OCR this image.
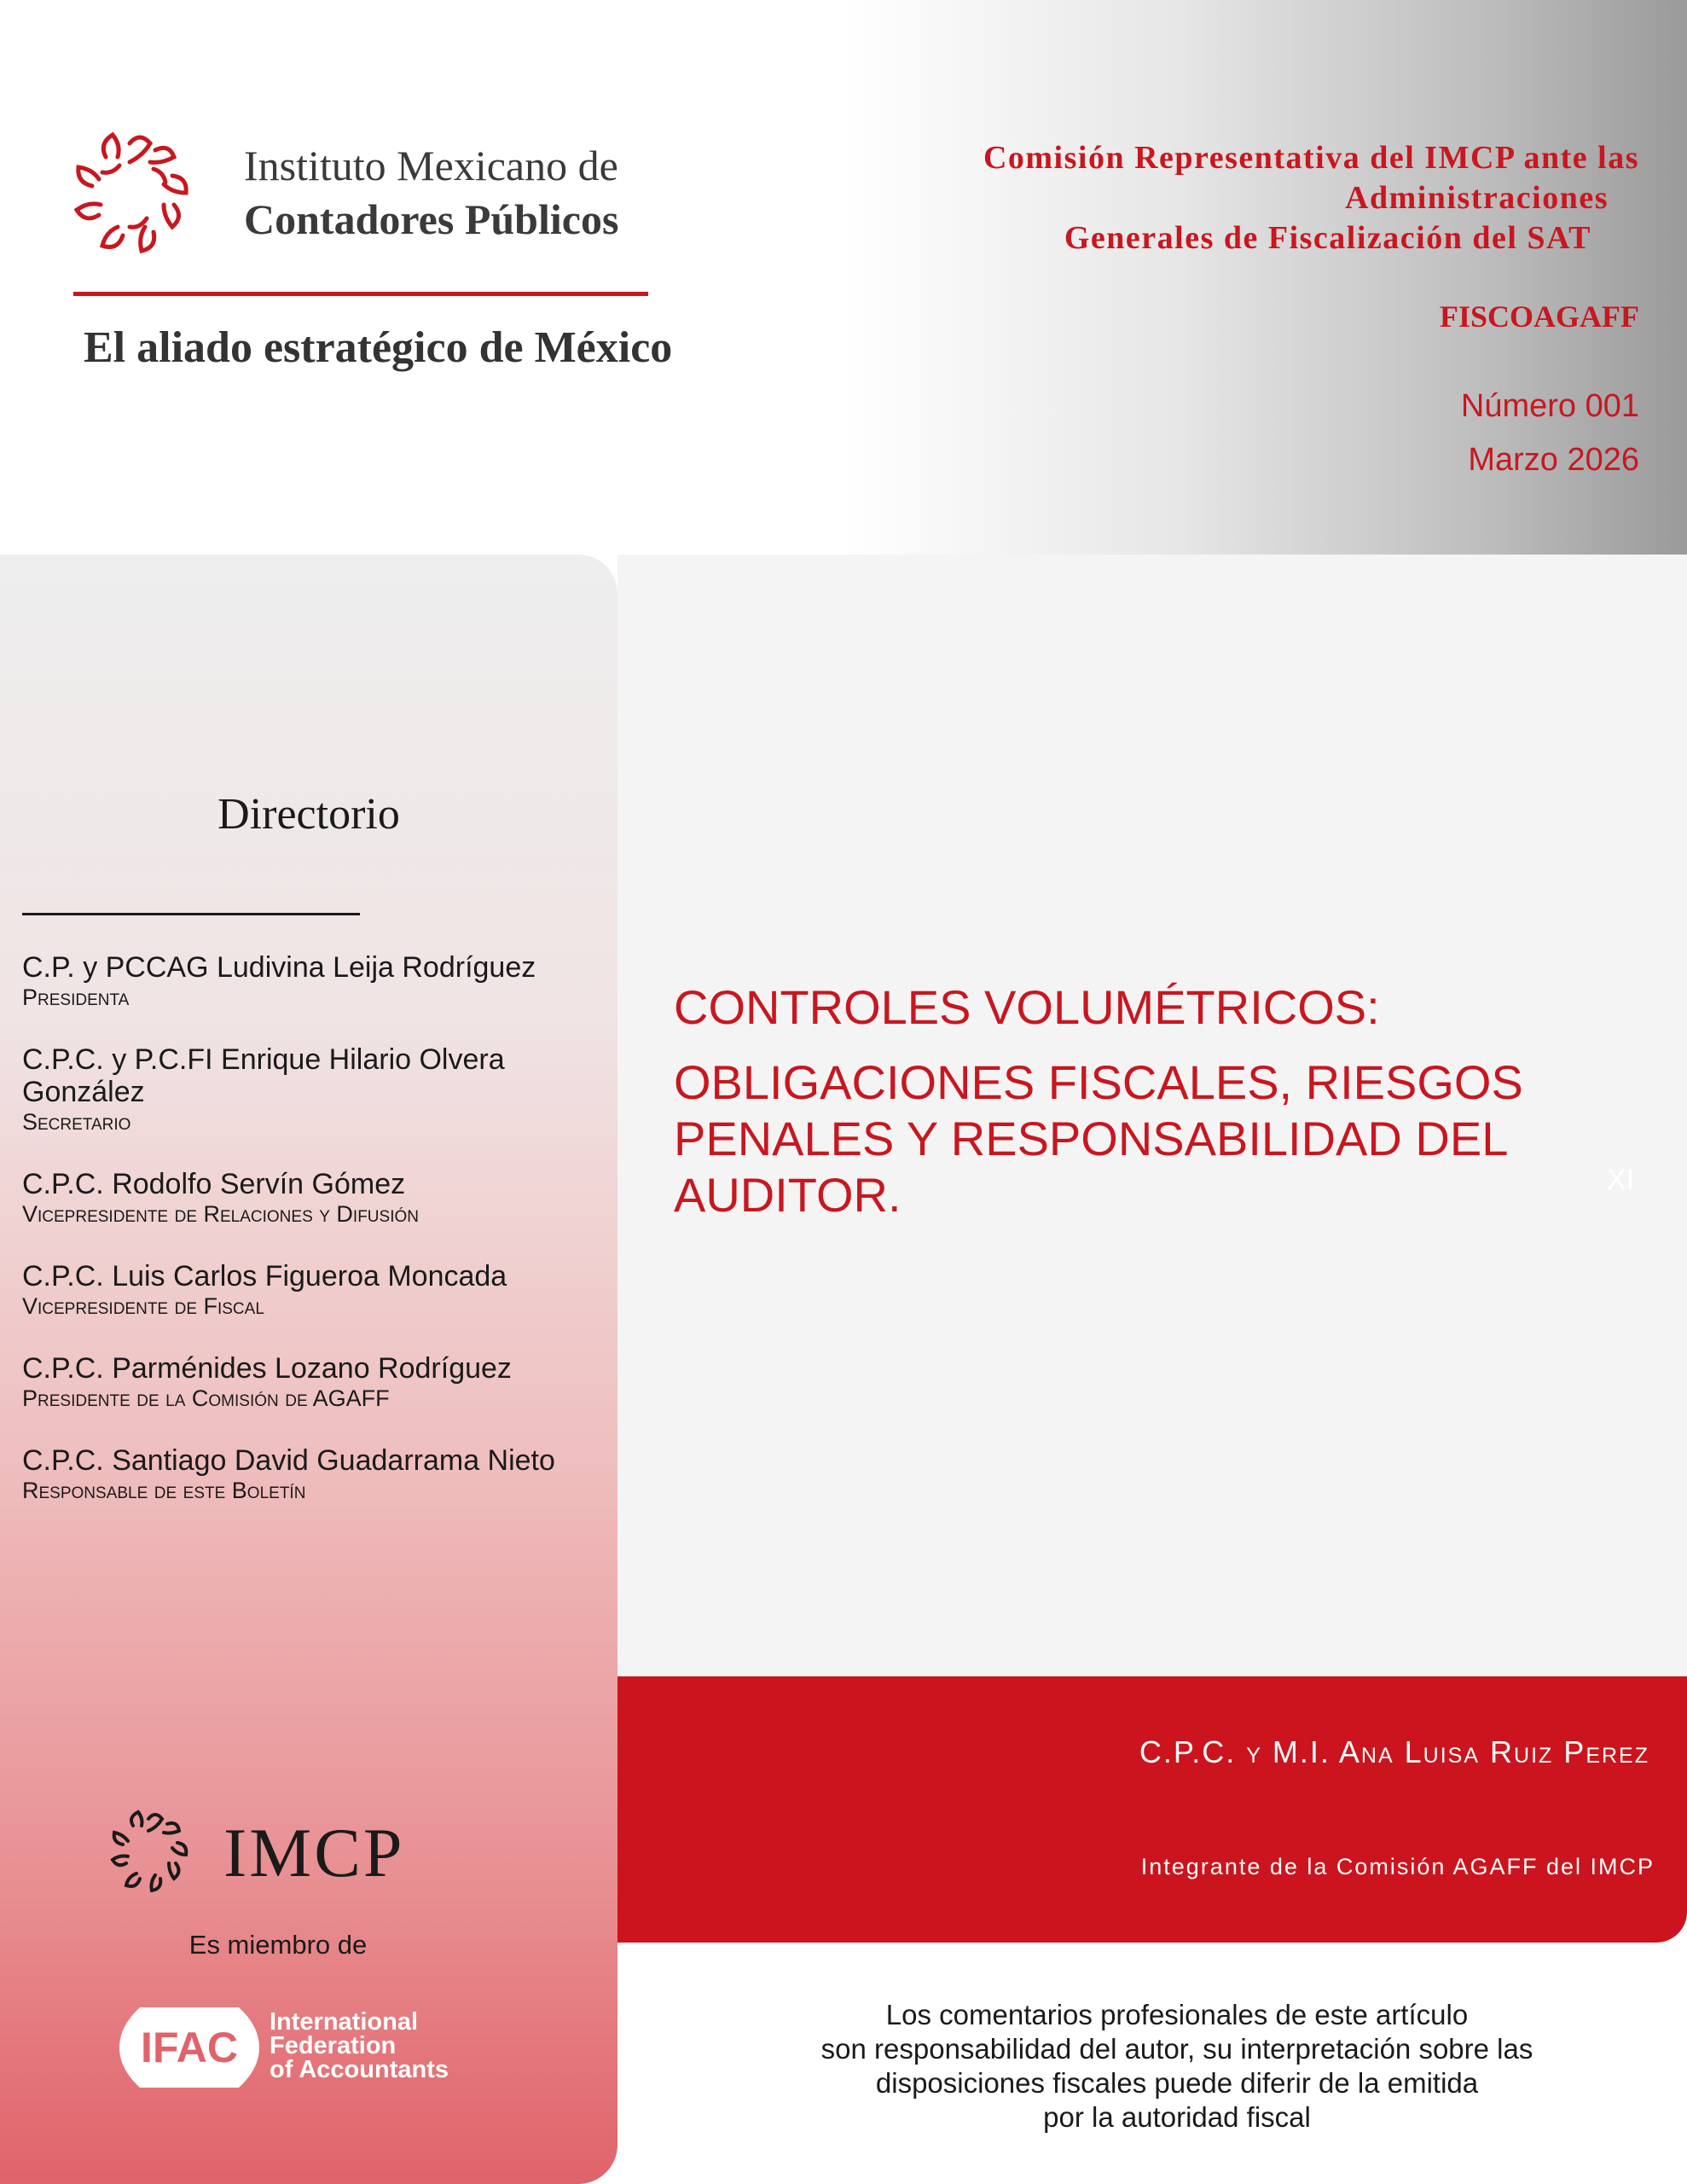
Instituto Mexicano de
Contadores Públicos
El aliado estratégico de México
Comisión Representativa del IMCP ante las
Administraciones
Generales de Fiscalización del SAT
FISCOAGAFF
Número 001
Marzo 2026
Directorio
C.P. y PCCAG Ludivina Leija Rodríguez
Presidenta
C.P.C. y P.C.FI Enrique Hilario Olvera González
Secretario
C.P.C. Rodolfo Servín Gómez
Vicepresidente de Relaciones y Difusión
C.P.C. Luis Carlos Figueroa Moncada
Vicepresidente de Fiscal
C.P.C. Parménides Lozano Rodríguez
Presidente de la Comisión de AGAFF
C.P.C. Santiago David Guadarrama Nieto
Responsable de este Boletín
IMCP
Es miembro de
IFAC
International
Federation
of Accountants
CONTROLES VOLUMÉTRICOS:
OBLIGACIONES FISCALES, RIESGOS PENALES Y RESPONSABILIDAD DEL AUDITOR.	XI
C.P.C. y M.I. Ana Luisa Ruiz Perez
Integrante de la Comisión AGAFF del IMCP
Los comentarios profesionales de este artículo
son responsabilidad del autor, su interpretación sobre las
disposiciones fiscales puede diferir de la emitida
por la autoridad fiscal
